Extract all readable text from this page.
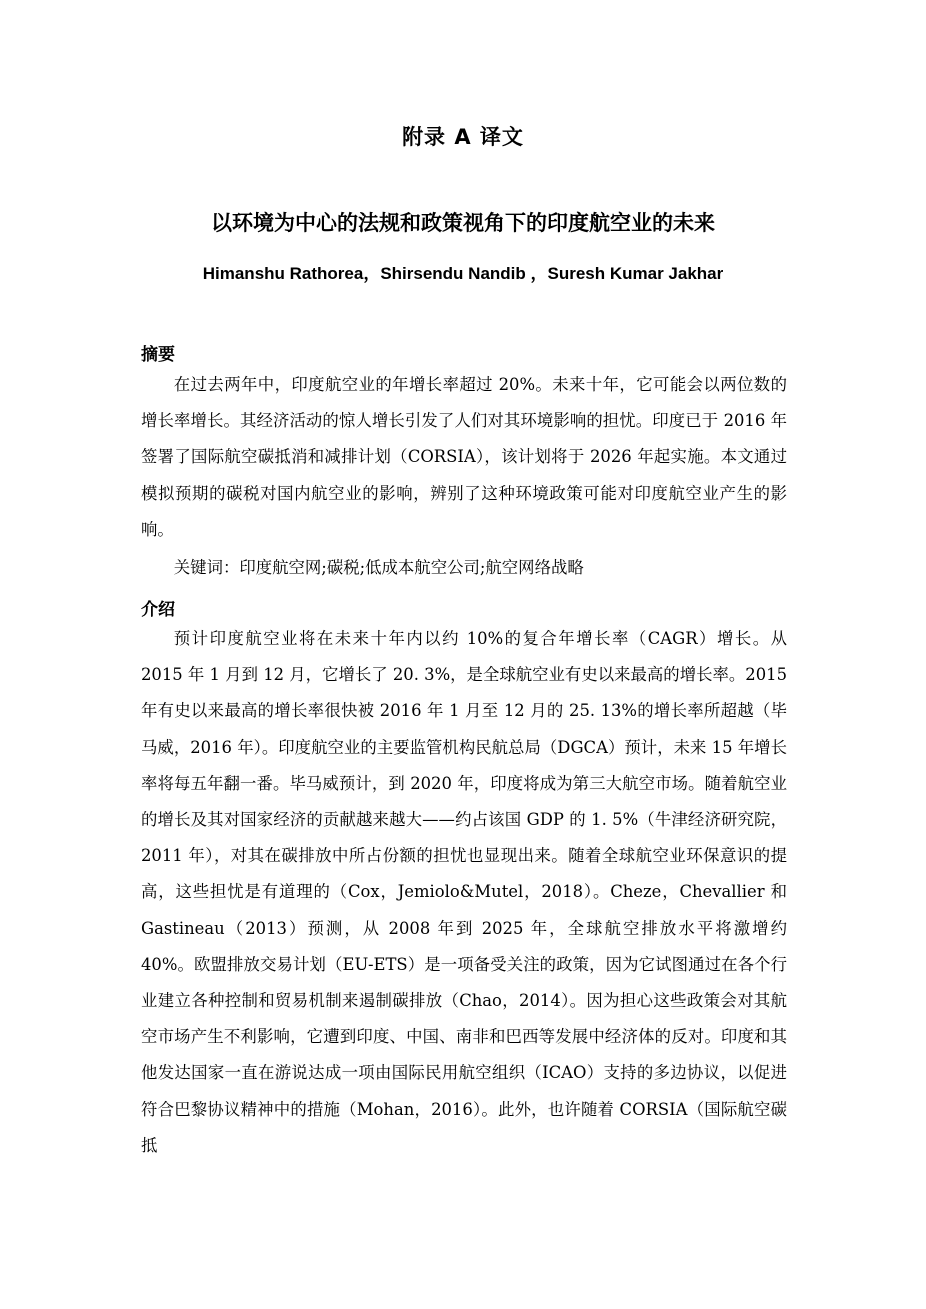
附录 A 译文
以环境为中心的法规和政策视角下的印度航空业的未来
Himanshu Rathorea，Shirsendu Nandib ，Suresh Kumar Jakhar
摘要

在过去两年中，印度航空业的年增长率超过 20%。未来十年，它可能会以两位数的增长率增长。其经济活动的惊人增长引发了人们对其环境影响的担忧。印度已于 2016 年签署了国际航空碳抵消和减排计划（CORSIA），该计划将于 2026 年起实施。本文通过模拟预期的碳税对国内航空业的影响，辨别了这种环境政策可能对印度航空业产生的影响。

关键词：印度航空网;碳税;低成本航空公司;航空网络战略

介绍

预计印度航空业将在未来十年内以约 10%的复合年增长率（CAGR）增长。从 2015 年 1 月到 12 月，它增长了 20. 3%，是全球航空业有史以来最高的增长率。2015 年有史以来最高的增长率很快被 2016 年 1 月至 12 月的 25. 13%的增长率所超越（毕马威，2016 年）。印度航空业的主要监管机构民航总局（DGCA）预计，未来 15 年增长率将每五年翻一番。毕马威预计，到 2020 年，印度将成为第三大航空市场。随着航空业的增长及其对国家经济的贡献越来越大——约占该国 GDP 的 1. 5%（牛津经济研究院，2011 年），对其在碳排放中所占份额的担忧也显现出来。随着全球航空业环保意识的提高，这些担忧是有道理的（Cox，Jemiolo&Mutel，2018）。Cheze，Chevallier 和 Gastineau（2013）预测，从 2008 年到 2025 年，全球航空排放水平将激增约 40%。欧盟排放交易计划（EU-ETS）是一项备受关注的政策，因为它试图通过在各个行业建立各种控制和贸易机制来遏制碳排放（Chao，2014）。因为担心这些政策会对其航空市场产生不利影响，它遭到印度、中国、南非和巴西等发展中经济体的反对。印度和其他发达国家一直在游说达成一项由国际民用航空组织（ICAO）支持的多边协议，以促进符合巴黎协议精神中的措施（Mohan，2016）。此外，也许随着 CORSIA（国际航空碳抵
